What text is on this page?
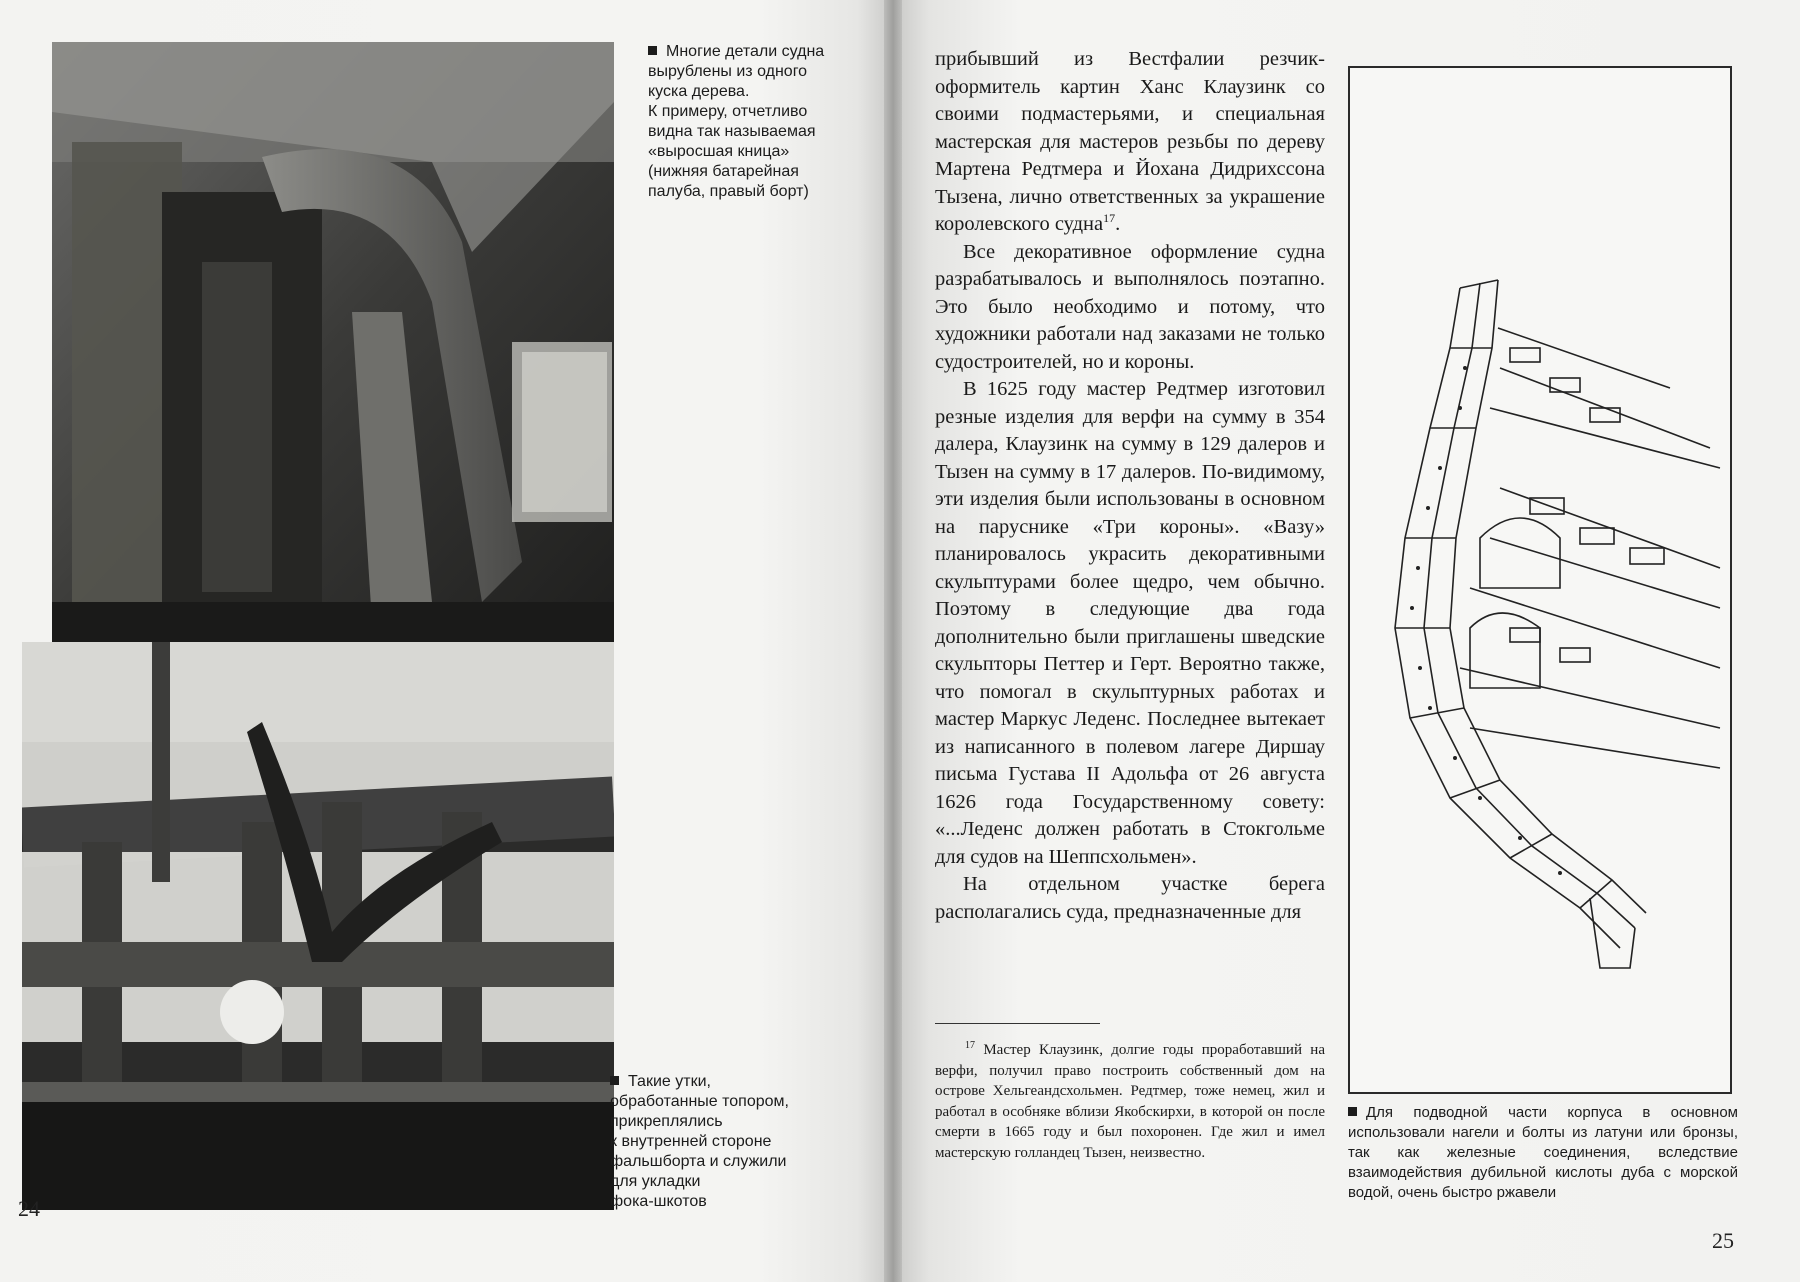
Многие детали судна

вырублены из одного

куска дерева.

К примеру, отчетливо

видна так называемая

«выросшая кница»

(нижняя батарейная

палуба, правый борт)

Такие утки,

обработанные топором,

прикреплялись

к внутренней стороне

фальшборта и служили

для укладки

фока-шкотов

24

прибывший из Вестфалии резчик-оформитель картин Ханс Клаузинк со своими подмастерьями, и специальная мастерская для мастеров резьбы по дереву Мартена Редтмера и Йохана Дидрихссона Тызена, лично ответственных за украшение королевского судна$^{17}$.

Все декоративное оформление судна разрабатывалось и выполнялось поэтапно. Это было необходимо и потому, что художники работали над заказами не только судостроителей, но и короны.

В 1625 году мастер Редтмер изготовил резные изделия для верфи на сумму в 354 далера, Клаузинк на сумму в 129 далеров и Тызен на сумму в 17 далеров. По-видимому, эти изделия были использованы в основном на паруснике «Три короны». «Вазу» планировалось украсить декоративными скульптурами более щедро, чем обычно. Поэтому в следующие два года дополнительно были приглашены шведские скульпторы Петтер и Герт. Вероятно также, что помогал в скульптурных работах и мастер Маркус Леденс. Последнее вытекает из написанного в полевом лагере Диршау письма Густава II Адольфа от 26 августа 1626 года Государственному совету: «...Леденс должен работать в Стокгольме для судов на Шеппсхольмен».

На отдельном участке берега располагались суда, предназначенные для

$^{17}$ Мастер Клаузинк, долгие годы проработавший на верфи, получил право построить собственный дом на острове Хельгеандсхольмен. Редтмер, тоже немец, жил и работал в особняке вблизи Якобскирхи, в которой он после смерти в 1665 году и был похоронен. Где жил и имел мастерскую голландец Тызен, неизвестно.

Для подводной части корпуса в основном использовали нагели и болты из латуни или бронзы, так как железные соединения, вследствие взаимодействия дубильной кислоты дуба с морской водой, очень быстро ржавели

25
